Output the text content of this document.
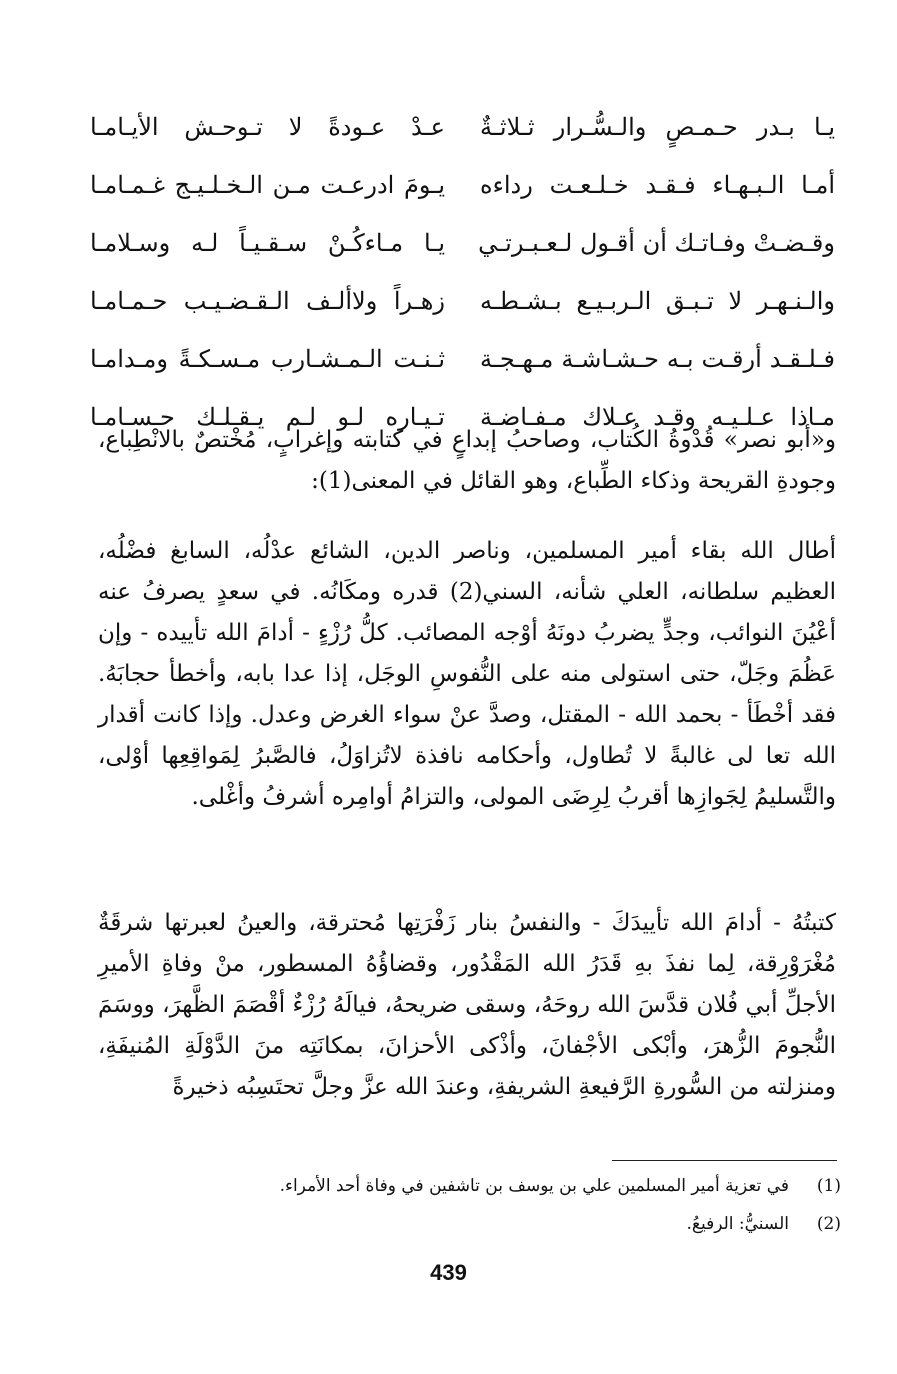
يـا بـدر حـمـصٍ والـسُّـرار ثـلاثـةٌ
عـدْ عـودةً لا تـوحـش الأيـامـا
أمـا الـبـهـاء فـقـد خـلـعـت رداءه
يـومَ ادرعـت مـن الـخـلـيـج غـمـامـا
وقـضـتْ وفـاتـك أن أقـول لـعـبـرتـي
يـا مـاءكُـنْ سـقـيـاً لـه وسـلامـا
والـنـهـر لا تـبـق الـربـيـع بـشـطـه
زهـراً ولاألـف الـقـضـيـب حـمـامـا
فـلـقـد أرقـت بـه حـشـاشـة مـهـجـة
ثـنـت الـمـشـارب مـسـكـةً ومـدامـا
مـاذا عـلـيـه وقـد عـلاك مـفـاضـة
تـيـاره لـو لـم يـقـلـك حـسـامـا

و«أبو نصر» قُدْوةُ الكُتاب، وصاحبُ إبداعٍ في كتابته وإغرابٍ، مُخْتصٌ بالانْطِباع، وجودةِ القريحة وذكاء الطِّباع، وهو القائل في المعنى(1):

أطال الله بقاء أمير المسلمين، وناصر الدين، الشائع عدْلُه، السابغ فضْلُه، العظيم سلطانه، العلي شأنه، السني(2) قدره ومكَانُه. في سعدٍ يصرفُ عنه أعْيُنَ النوائب، وجدٍّ يضربُ دونَهُ أوْجه المصائب. كلُّ رُزْءٍ - أدامَ الله تأييده - وإن عَظُمَ وجَلّ، حتى استولى منه على النُّفوسِ الوجَل، إذا عدا بابه، وأخطأ حجابَهُ. فقد أخْطَأ - بحمد الله - المقتل، وصدَّ عنْ سواء الغرض وعدل. وإذا كانت أقدار الله تعا لى غالبةً لا تُطاول، وأحكامه نافذة لاتُزاوَلُ، فالصَّبرُ لِمَواقِعِها أوْلى، والتَّسليمُ لِجَوازِها أقربُ لِرِضَى المولى، والتزامُ أوامِره أشرفُ وأغْلى.

كتبتُهُ - أدامَ الله تأييدَكَ - والنفسُ بنار زَفْرَتِها مُحترقة، والعينُ لعبرتها شرقَةٌ مُغْرَوْرِقة، لِما نفذَ بهِ قَدَرُ الله المَقْدُور، وقضاؤُهُ المسطور، منْ وفاةِ الأميرِ الأجلِّ أبي فُلان قدَّسَ الله روحَهُ، وسقى ضريحهُ، فيالَهُ رُزْءٌ أقْصَمَ الظَّهرَ، ووسَمَ النُّجومَ الزُّهرَ، وأبْكى الأجْفانَ، وأذْكى الأحزانَ، بمكانَتِه منَ الدَّوْلَةِ المُنيفَةِ، ومنزلته من السُّورةِ الرَّفيعةِ الشريفةِ، وعندَ الله عزَّ وجلَّ تحتَسِبُه ذخيرةً

(1)
في تعزية أمير المسلمين علي بن يوسف بن تاشفين في وفاة أحد الأمراء.
(2)
السنيُّ: الرفيعُ.
439
